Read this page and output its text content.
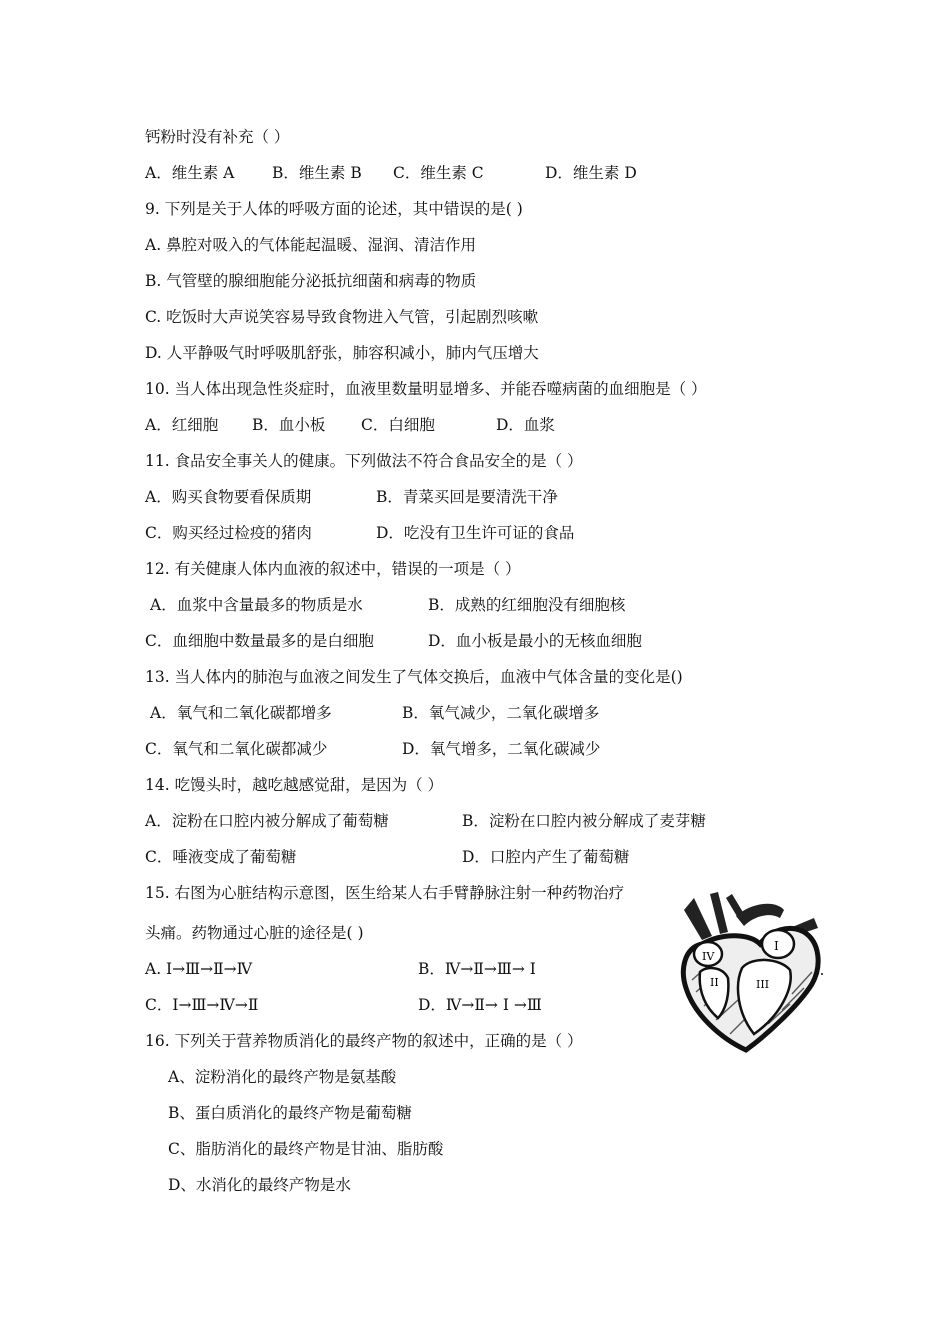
钙粉时没有补充（ ）
A．维生素 A B．维生素 B C．维生素 C	D．维生素 D
9. 下列是关于人体的呼吸方面的论述，其中错误的是( )
A. 鼻腔对吸入的气体能起温暖、湿润、清洁作用
B. 气管壁的腺细胞能分泌抵抗细菌和病毒的物质
C. 吃饭时大声说笑容易导致食物进入气管，引起剧烈咳嗽
D. 人平静吸气时呼吸肌舒张，肺容积减小，肺内气压增大
10. 当人体出现急性炎症时，血液里数量明显增多、并能吞噬病菌的血细胞是（ ）
A．红细胞 B．血小板 C．白细胞	D．血浆
11. 食品安全事关人的健康。下列做法不符合食品安全的是（ ）
A．购买食物要看保质期	B．青菜买回是要清洗干净
C．购买经过检疫的猪肉	D．吃没有卫生许可证的食品
12. 有关健康人体内血液的叙述中，错误的一项是（ ）
A．血浆中含量最多的物质是水	B．成熟的红细胞没有细胞核
C．血细胞中数量最多的是白细胞	D．血小板是最小的无核血细胞
13. 当人体内的肺泡与血液之间发生了气体交换后，血液中气体含量的变化是()
A．氧气和二氧化碳都增多	B．氧气减少，二氧化碳增多
C．氧气和二氧化碳都减少	D．氧气增多，二氧化碳减少
14. 吃馒头时，越吃越感觉甜，是因为（ ）
A．淀粉在口腔内被分解成了葡萄糖	B．淀粉在口腔内被分解成了麦芽糖
C．唾液变成了葡萄糖	D．口腔内产生了葡萄糖
15. 右图为心脏结构示意图，医生给某人右手臂静脉注射一种药物治疗
头痛。药物通过心脏的途径是( )
A. Ⅰ→Ⅲ→Ⅱ→Ⅳ	B．Ⅳ→Ⅱ→Ⅲ→ Ⅰ
C．Ⅰ→Ⅲ→Ⅳ→Ⅱ	D．Ⅳ→Ⅱ→ Ⅰ →Ⅲ
16. 下列关于营养物质消化的最终产物的叙述中，正确的是（ ）
A、淀粉消化的最终产物是氨基酸
B、蛋白质消化的最终产物是葡萄糖
C、脂肪消化的最终产物是甘油、脂肪酸
D、水消化的最终产物是水
IV
I
II	III
